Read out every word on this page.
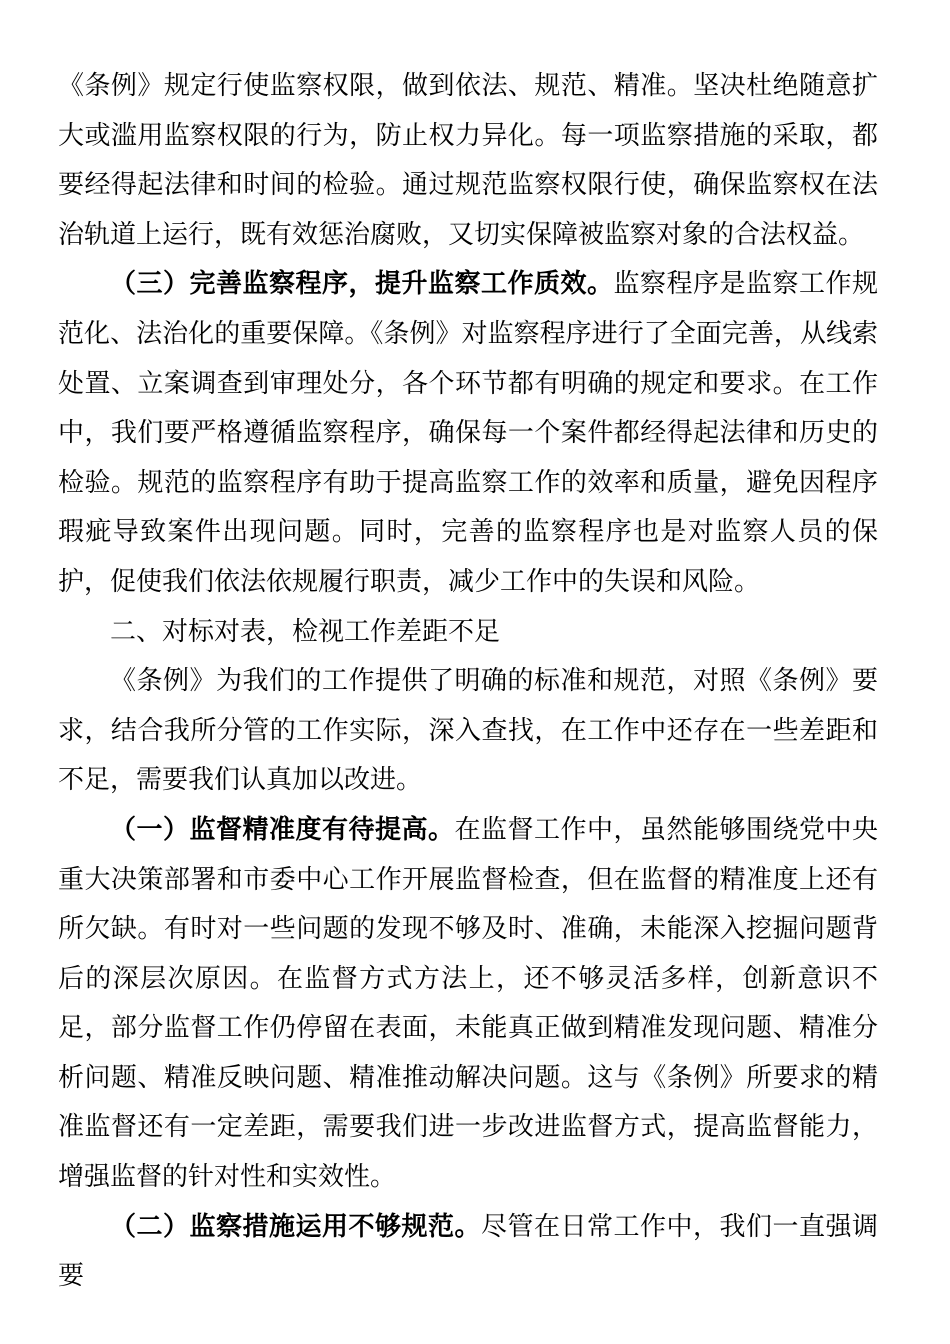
《条例》规定行使监察权限，做到依法、规范、精准。坚决杜绝随意扩大或滥用监察权限的行为，防止权力异化。每一项监察措施的采取，都要经得起法律和时间的检验。通过规范监察权限行使，确保监察权在法治轨道上运行，既有效惩治腐败，又切实保障被监察对象的合法权益。

（三）完善监察程序，提升监察工作质效。监察程序是监察工作规范化、法治化的重要保障。《条例》对监察程序进行了全面完善，从线索处置、立案调查到审理处分，各个环节都有明确的规定和要求。在工作中，我们要严格遵循监察程序，确保每一个案件都经得起法律和历史的检验。规范的监察程序有助于提高监察工作的效率和质量，避免因程序瑕疵导致案件出现问题。同时，完善的监察程序也是对监察人员的保护，促使我们依法依规履行职责，减少工作中的失误和风险。

二、对标对表，检视工作差距不足

《条例》为我们的工作提供了明确的标准和规范，对照《条例》要求，结合我所分管的工作实际，深入查找，在工作中还存在一些差距和不足，需要我们认真加以改进。

（一）监督精准度有待提高。在监督工作中，虽然能够围绕党中央重大决策部署和市委中心工作开展监督检查，但在监督的精准度上还有所欠缺。有时对一些问题的发现不够及时、准确，未能深入挖掘问题背后的深层次原因。在监督方式方法上，还不够灵活多样，创新意识不足，部分监督工作仍停留在表面，未能真正做到精准发现问题、精准分析问题、精准反映问题、精准推动解决问题。这与《条例》所要求的精准监督还有一定差距，需要我们进一步改进监督方式，提高监督能力，增强监督的针对性和实效性。

（二）监察措施运用不够规范。尽管在日常工作中，我们一直强调要
